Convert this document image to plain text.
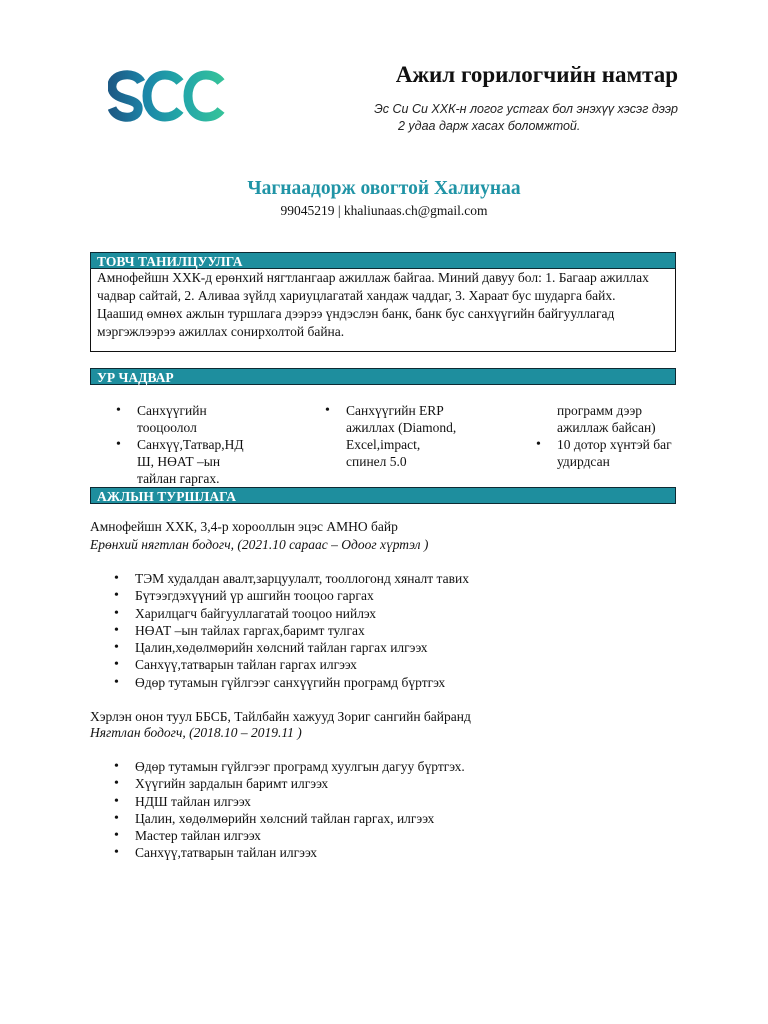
Ажил горилогчийн намтар
Эс Си Си ХХК-н логог устгах бол энэхүү хэсэг дээр
2 удаа дарж хасах боломжтой.
Чагнаадорж овогтой Халиунаа
99045219 | khaliunaas.ch@gmail.com
ТОВЧ ТАНИЛЦУУЛГА
Амнофейшн ХХК-д ерөнхий нягтлангаар ажиллаж байгаа. Миний давуу бол: 1. Багаар ажиллах
чадвар сайтай, 2. Аливаа зүйлд хариуцлагатай хандаж чаддаг, 3. Хараат бус шударга байх.
Цаашид өмнөх ажлын туршлага дээрээ үндэслэн банк, банк бус санхүүгийн байгууллагад
мэргэжлээрээ ажиллах сонирхолтой байна.
УР ЧАДВАР
• Санхүүгийн
тооцоолол
• Санхүү,Татвар,НД
Ш, НӨАТ –ын
тайлан гаргах.
• Санхүүгийн ERP
ажиллах (Diamond,
Excel,impact,
спинел 5.0
программ дээр
ажиллаж байсан)
• 10 дотор хүнтэй баг
удирдсан
АЖЛЫН ТУРШЛАГА
Амнофейшн ХХК, 3,4-р хорооллын эцэс АМНО байр
Ерөнхий нягтлан бодогч, (2021.10 сараас – Одоог хүртэл )
• ТЭМ худалдан авалт,зарцуулалт, тооллогонд хяналт тавих
• Бүтээгдэхүүний үр ашгийн тооцоо гаргах
• Харилцагч байгууллагатай тооцоо нийлэх
• НӨАТ –ын тайлах гаргах,баримт тулгах
• Цалин,хөдөлмөрийн хөлсний тайлан гаргах илгээх
• Санхүү,татварын тайлан гаргах илгээх
• Өдөр тутамын гүйлгээг санхүүгийн програмд бүртгэх
Хэрлэн онон туул ББСБ, Тайлбайн хажууд Зориг сангийн байранд
Нягтлан бодогч, (2018.10 – 2019.11 )
• Өдөр тутамын гүйлгээг програмд хуулгын дагуу бүртгэх.
• Хүүгийн зардалын баримт илгээх
• НДШ тайлан илгээх
• Цалин, хөдөлмөрийн хөлсний тайлан гаргах, илгээх
• Мастер тайлан илгээх
• Санхүү,татварын тайлан илгээх
